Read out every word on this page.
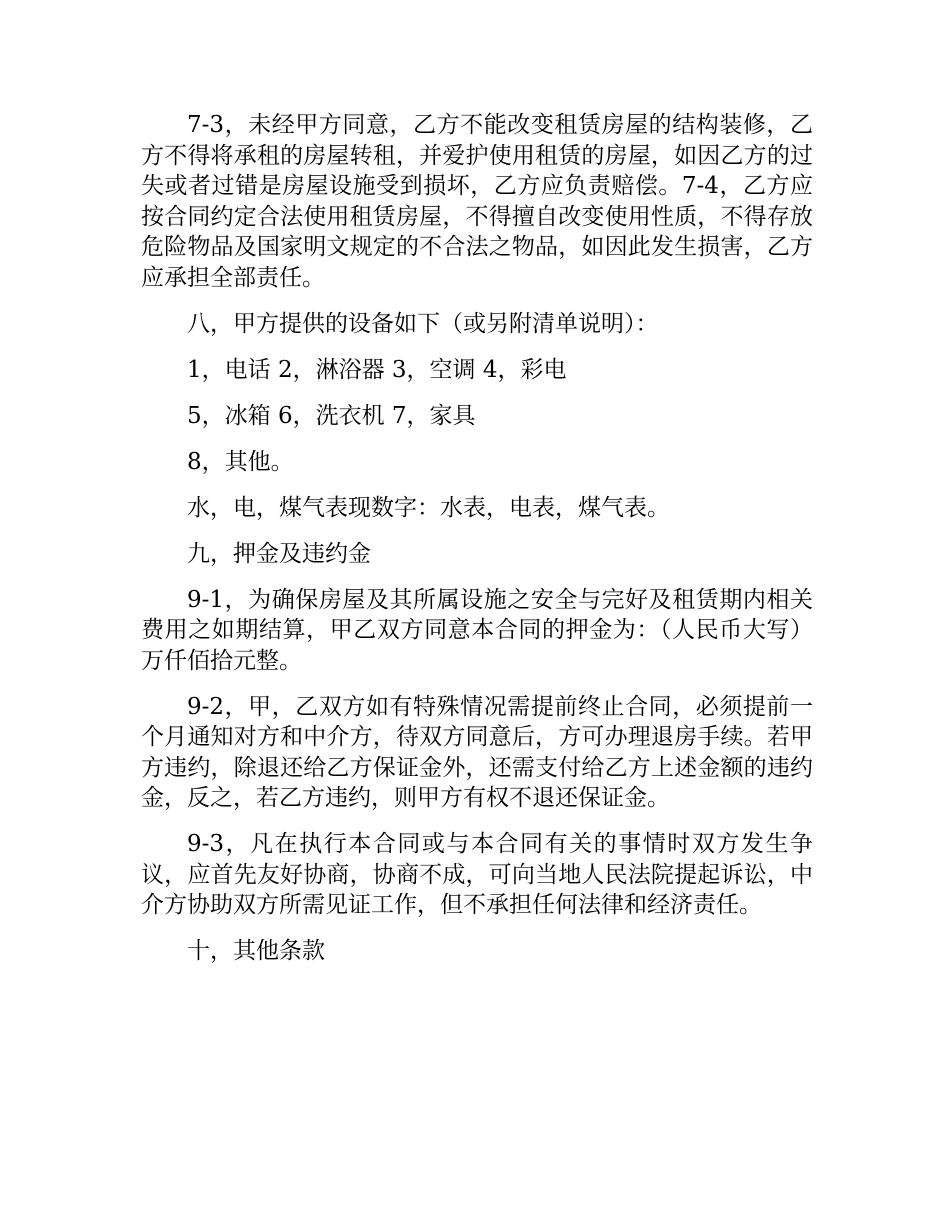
7-3，未经甲方同意，乙方不能改变租赁房屋的结构装修，乙方不得将承租的房屋转租，并爱护使用租赁的房屋，如因乙方的过失或者过错是房屋设施受到损坏，乙方应负责赔偿。7-4，乙方应按合同约定合法使用租赁房屋，不得擅自改变使用性质，不得存放危险物品及国家明文规定的不合法之物品，如因此发生损害，乙方应承担全部责任。

八，甲方提供的设备如下（或另附清单说明）：

1，电话 2，淋浴器 3，空调 4，彩电

5，冰箱 6，洗衣机 7，家具

8，其他。

水，电，煤气表现数字：水表，电表，煤气表。

九，押金及违约金

9-1，为确保房屋及其所属设施之安全与完好及租赁期内相关费用之如期结算，甲乙双方同意本合同的押金为：（人民币大写）万仟佰拾元整。

9-2，甲，乙双方如有特殊情况需提前终止合同，必须提前一个月通知对方和中介方，待双方同意后，方可办理退房手续。若甲方违约，除退还给乙方保证金外，还需支付给乙方上述金额的违约金，反之，若乙方违约，则甲方有权不退还保证金。

9-3，凡在执行本合同或与本合同有关的事情时双方发生争议，应首先友好协商，协商不成，可向当地人民法院提起诉讼，中介方协助双方所需见证工作，但不承担任何法律和经济责任。

十，其他条款
